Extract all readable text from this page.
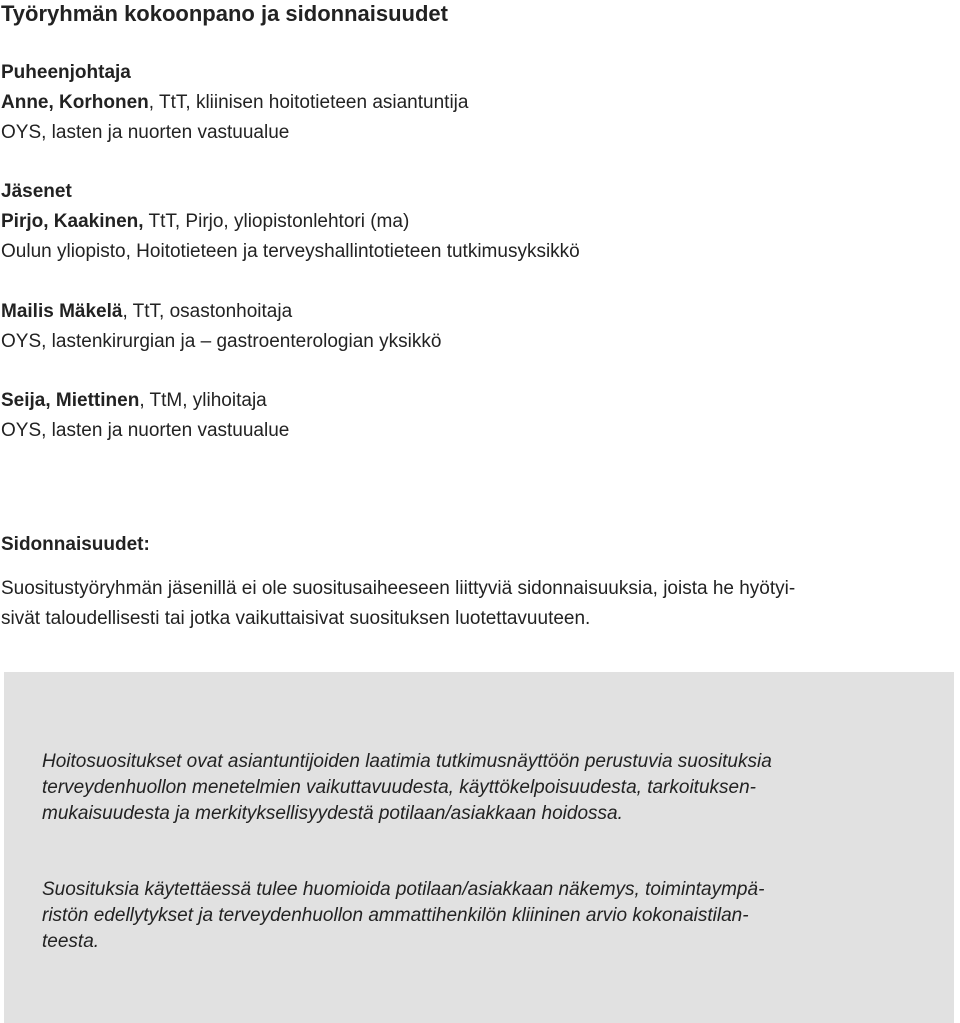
Työryhmän kokoonpano ja sidonnaisuudet
Puheenjohtaja
Anne, Korhonen, TtT, kliinisen hoitotieteen asiantuntija
OYS, lasten ja nuorten vastuualue
Jäsenet
Pirjo, Kaakinen, TtT, Pirjo, yliopistonlehtori (ma)
Oulun yliopisto, Hoitotieteen ja terveyshallintotieteen tutkimusyksikkö
Mailis Mäkelä, TtT, osastonhoitaja
OYS, lastenkirurgian ja – gastroenterologian yksikkö
Seija, Miettinen, TtM, ylihoitaja
OYS, lasten ja nuorten vastuualue
Sidonnaisuudet:
Suositustyöryhmän jäsenillä ei ole suositusaiheeseen liittyviä sidonnaisuuksia, joista he hyötyi-
sivät taloudellisesti tai jotka vaikuttaisivat suosituksen luotettavuuteen.
Hoitosuositukset ovat asiantuntijoiden laatimia tutkimusnäyttöön perustuvia suosituksia
terveydenhuollon menetelmien vaikuttavuudesta, käyttökelpoisuudesta, tarkoituksen-
mukaisuudesta ja merkityksellisyydestä potilaan/asiakkaan hoidossa.
Suosituksia käytettäessä tulee huomioida potilaan/asiakkaan näkemys, toimintaympä-
ristön edellytykset ja terveydenhuollon ammattihenkilön kliininen arvio kokonaistilan-
teesta.
